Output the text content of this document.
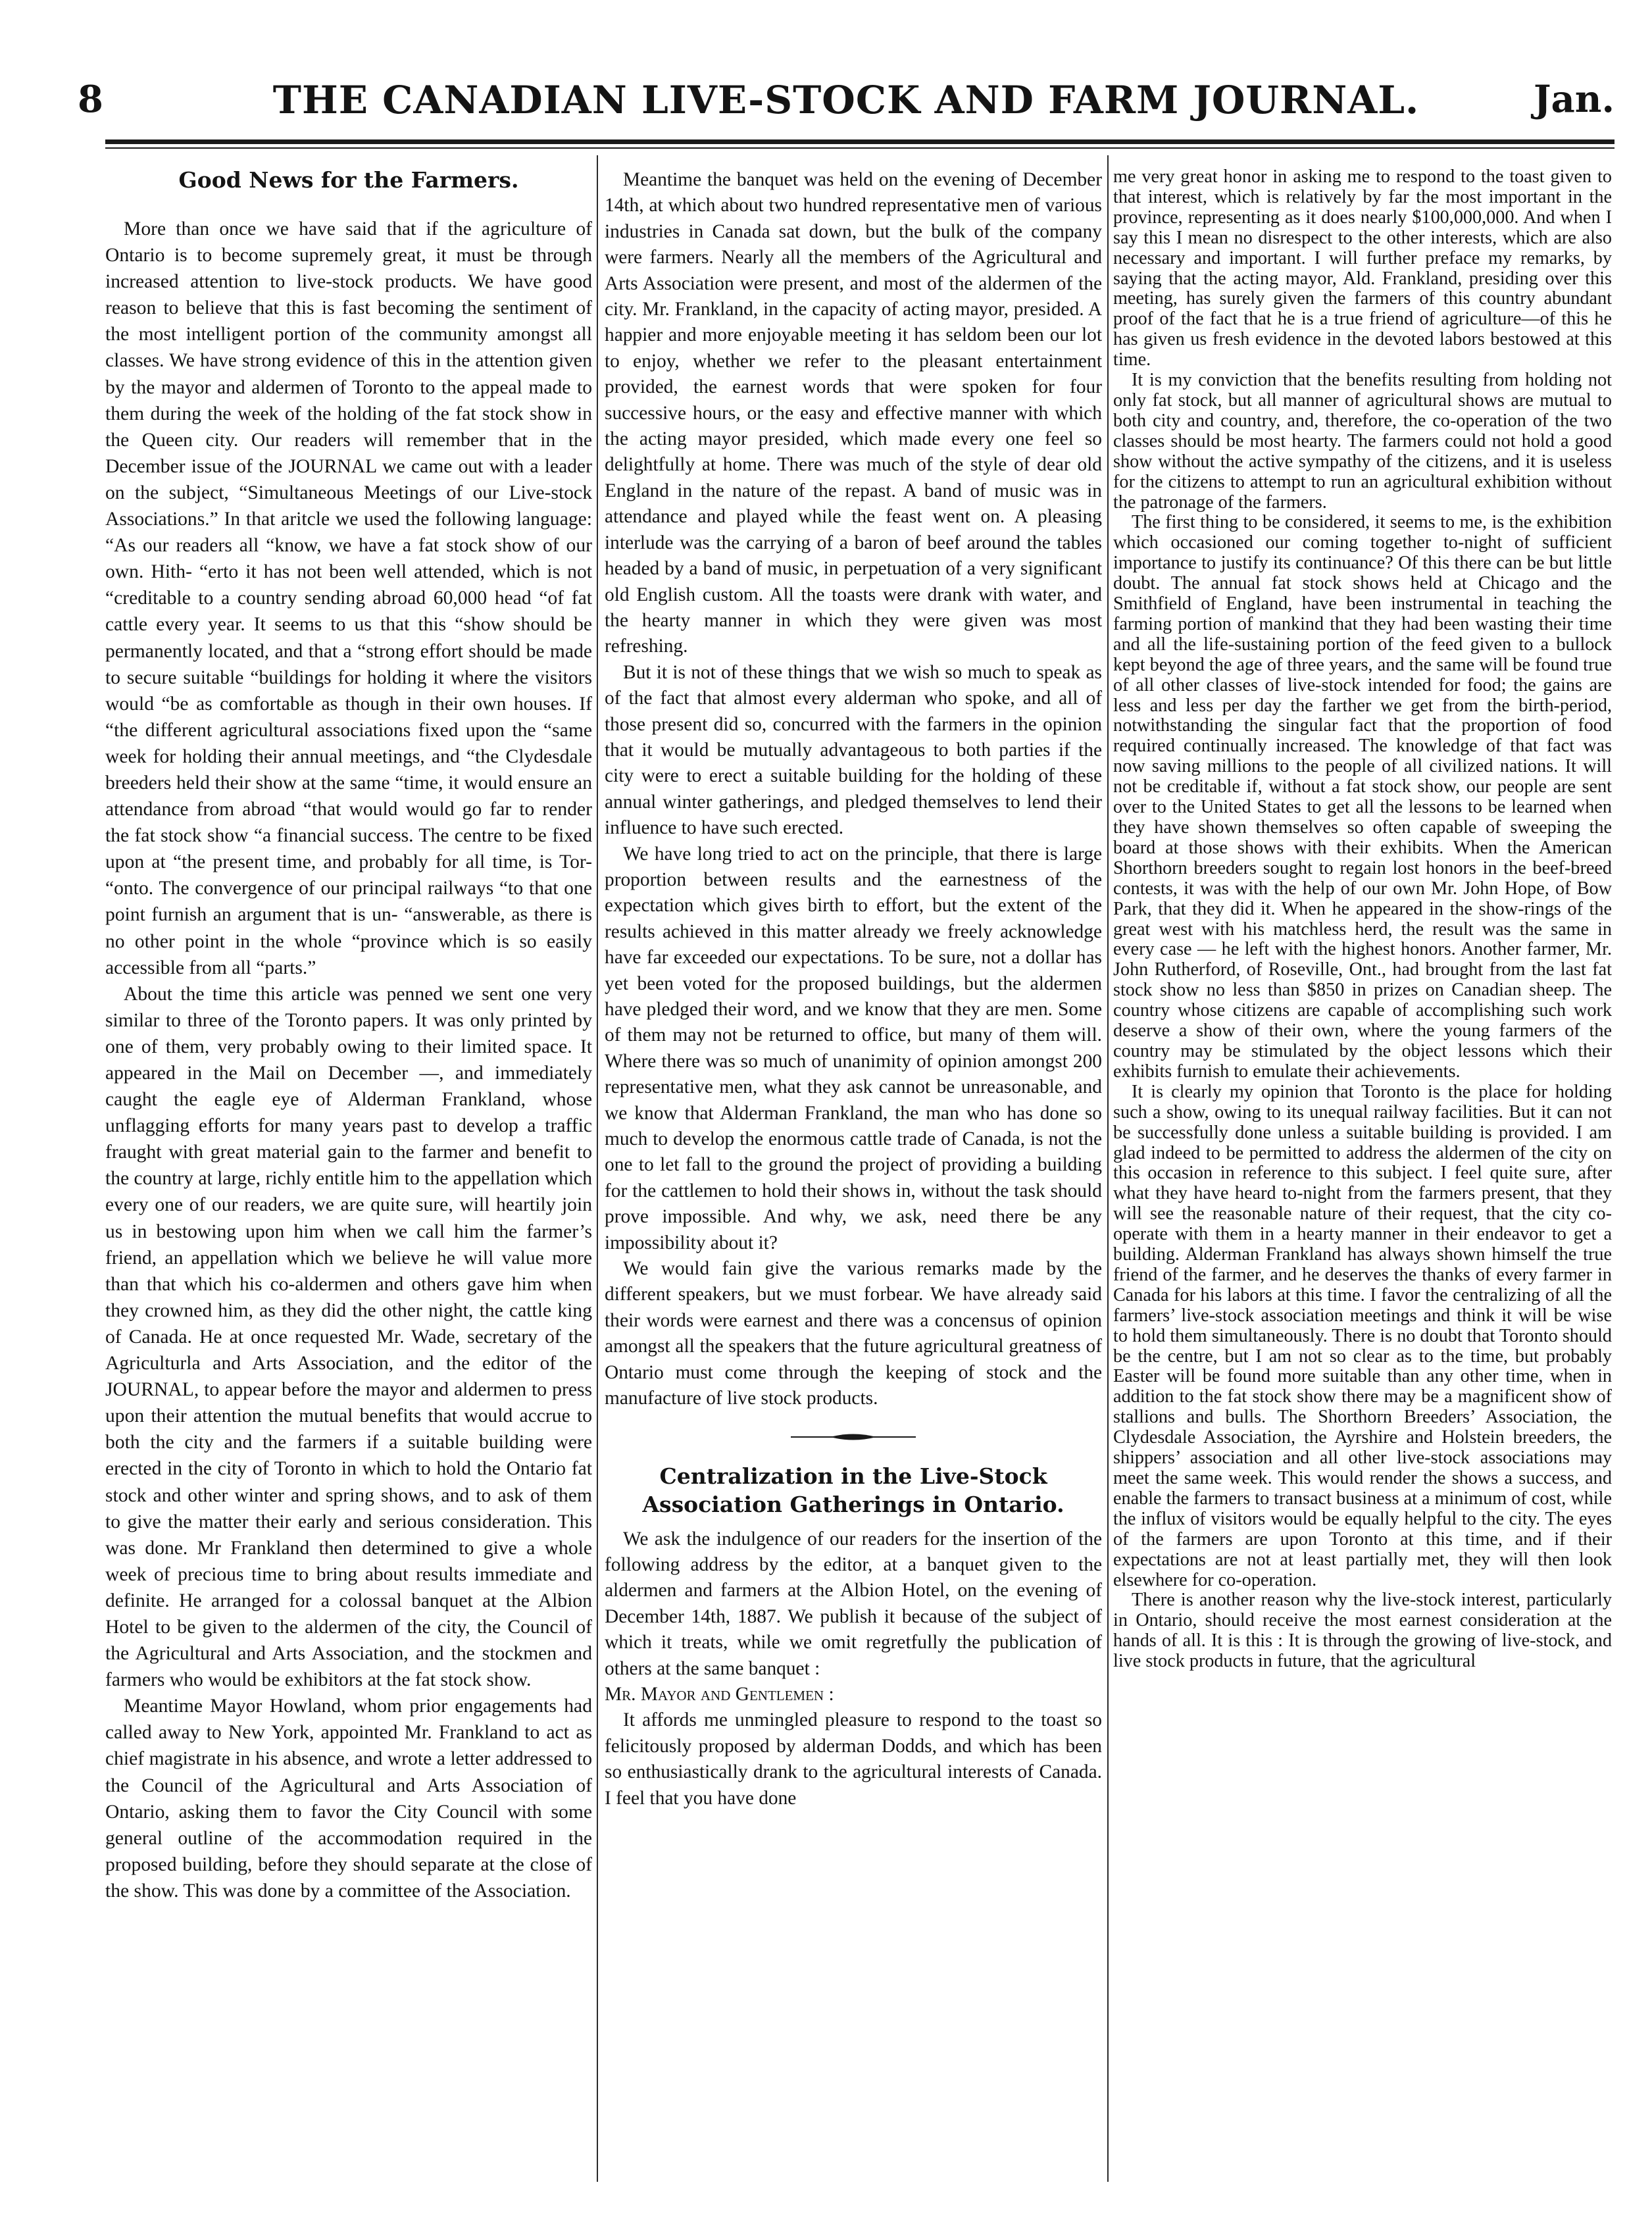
8	THE CANADIAN LIVE-STOCK AND FARM JOURNAL.	Jan.
Good News for the Farmers.

More than once we have said that if the agriculture of Ontario is to become supremely great, it must be through increased attention to live-stock products. We have good reason to believe that this is fast becoming the sentiment of the most intelligent portion of the community amongst all classes. We have strong evidence of this in the attention given by the mayor and aldermen of Toronto to the appeal made to them during the week of the holding of the fat stock show in the Queen city. Our readers will remember that in the December issue of the JOURNAL we came out with a leader on the subject, “Simultaneous Meetings of our Live-stock Associations.” In that aritcle we used the following language: “As our readers all “know, we have a fat stock show of our own. Hith- “erto it has not been well attended, which is not “creditable to a country sending abroad 60,000 head “of fat cattle every year. It seems to us that this “show should be permanently located, and that a “strong effort should be made to secure suitable “buildings for holding it where the visitors would “be as comfortable as though in their own houses. If “the different agricultural associations fixed upon the “same week for holding their annual meetings, and “the Clydesdale breeders held their show at the same “time, it would ensure an attendance from abroad “that would would go far to render the fat stock show “a financial success. The centre to be fixed upon at “the present time, and probably for all time, is Tor- “onto. The convergence of our principal railways “to that one point furnish an argument that is un- “answerable, as there is no other point in the whole “province which is so easily accessible from all “parts.”

About the time this article was penned we sent one very similar to three of the Toronto papers. It was only printed by one of them, very probably owing to their limited space. It appeared in the Mail on December —, and immediately caught the eagle eye of Alderman Frankland, whose unflagging efforts for many years past to develop a traffic fraught with great material gain to the farmer and benefit to the country at large, richly entitle him to the appellation which every one of our readers, we are quite sure, will heartily join us in bestowing upon him when we call him the farmer’s friend, an appellation which we believe he will value more than that which his co-aldermen and others gave him when they crowned him, as they did the other night, the cattle king of Canada. He at once requested Mr. Wade, secretary of the Agriculturla and Arts Association, and the editor of the JOURNAL, to appear before the mayor and aldermen to press upon their attention the mutual benefits that would accrue to both the city and the farmers if a suitable building were erected in the city of Toronto in which to hold the Ontario fat stock and other winter and spring shows, and to ask of them to give the matter their early and serious consideration. This was done. Mr Frankland then determined to give a whole week of precious time to bring about results immediate and definite. He arranged for a colossal banquet at the Albion Hotel to be given to the aldermen of the city, the Council of the Agricultural and Arts Association, and the stockmen and farmers who would be exhibitors at the fat stock show.

Meantime Mayor Howland, whom prior engagements had called away to New York, appointed Mr. Frankland to act as chief magistrate in his absence, and wrote a letter addressed to the Council of the Agricultural and Arts Association of Ontario, asking them to favor the City Council with some general outline of the accommodation required in the proposed building, before they should separate at the close of the show. This was done by a committee of the Association.

Meantime the banquet was held on the evening of December 14th, at which about two hundred representative men of various industries in Canada sat down, but the bulk of the company were farmers. Nearly all the members of the Agricultural and Arts Association were present, and most of the aldermen of the city. Mr. Frankland, in the capacity of acting mayor, presided. A happier and more enjoyable meeting it has seldom been our lot to enjoy, whether we refer to the pleasant entertainment provided, the earnest words that were spoken for four successive hours, or the easy and effective manner with which the acting mayor presided, which made every one feel so delightfully at home. There was much of the style of dear old England in the nature of the repast. A band of music was in attendance and played while the feast went on. A pleasing interlude was the carrying of a baron of beef around the tables headed by a band of music, in perpetuation of a very significant old English custom. All the toasts were drank with water, and the hearty manner in which they were given was most refreshing.

But it is not of these things that we wish so much to speak as of the fact that almost every alderman who spoke, and all of those present did so, concurred with the farmers in the opinion that it would be mutually advantageous to both parties if the city were to erect a suitable building for the holding of these annual winter gatherings, and pledged themselves to lend their influence to have such erected.

We have long tried to act on the principle, that there is large proportion between results and the earnestness of the expectation which gives birth to effort, but the extent of the results achieved in this matter already we freely acknowledge have far exceeded our expectations. To be sure, not a dollar has yet been voted for the proposed buildings, but the aldermen have pledged their word, and we know that they are men. Some of them may not be returned to office, but many of them will. Where there was so much of unanimity of opinion amongst 200 representative men, what they ask cannot be unreasonable, and we know that Alderman Frankland, the man who has done so much to develop the enormous cattle trade of Canada, is not the one to let fall to the ground the project of providing a building for the cattlemen to hold their shows in, without the task should prove impossible. And why, we ask, need there be any impossibility about it?

We would fain give the various remarks made by the different speakers, but we must forbear. We have already said their words were earnest and there was a concensus of opinion amongst all the speakers that the future agricultural greatness of Ontario must come through the keeping of stock and the manufacture of live stock products.

Centralization in the Live-Stock Association Gatherings in Ontario.

We ask the indulgence of our readers for the insertion of the following address by the editor, at a banquet given to the aldermen and farmers at the Albion Hotel, on the evening of December 14th, 1887. We publish it because of the subject of which it treats, while we omit regretfully the publication of others at the same banquet :

Mr. Mayor and Gentlemen :

It affords me unmingled pleasure to respond to the toast so felicitously proposed by alderman Dodds, and which has been so enthusiastically drank to the agricultural interests of Canada. I feel that you have done

me very great honor in asking me to respond to the toast given to that interest, which is relatively by far the most important in the province, representing as it does nearly $100,000,000. And when I say this I mean no disrespect to the other interests, which are also necessary and important. I will further preface my remarks, by saying that the acting mayor, Ald. Frankland, presiding over this meeting, has surely given the farmers of this country abundant proof of the fact that he is a true friend of agriculture—of this he has given us fresh evidence in the devoted labors bestowed at this time.

It is my conviction that the benefits resulting from holding not only fat stock, but all manner of agricultural shows are mutual to both city and country, and, therefore, the co-operation of the two classes should be most hearty. The farmers could not hold a good show without the active sympathy of the citizens, and it is useless for the citizens to attempt to run an agricultural exhibition without the patronage of the farmers.

The first thing to be considered, it seems to me, is the exhibition which occasioned our coming together to-night of sufficient importance to justify its continuance? Of this there can be but little doubt. The annual fat stock shows held at Chicago and the Smithfield of England, have been instrumental in teaching the farming portion of mankind that they had been wasting their time and all the life-sustaining portion of the feed given to a bullock kept beyond the age of three years, and the same will be found true of all other classes of live-stock intended for food; the gains are less and less per day the farther we get from the birth-period, notwithstanding the singular fact that the proportion of food required continually increased. The knowledge of that fact was now saving millions to the people of all civilized nations. It will not be creditable if, without a fat stock show, our people are sent over to the United States to get all the lessons to be learned when they have shown themselves so often capable of sweeping the board at those shows with their exhibits. When the American Shorthorn breeders sought to regain lost honors in the beef-breed contests, it was with the help of our own Mr. John Hope, of Bow Park, that they did it. When he appeared in the show-rings of the great west with his matchless herd, the result was the same in every case — he left with the highest honors. Another farmer, Mr. John Rutherford, of Roseville, Ont., had brought from the last fat stock show no less than $850 in prizes on Canadian sheep. The country whose citizens are capable of accomplishing such work deserve a show of their own, where the young farmers of the country may be stimulated by the object lessons which their exhibits furnish to emulate their achievements.

It is clearly my opinion that Toronto is the place for holding such a show, owing to its unequal railway facilities. But it can not be successfully done unless a suitable building is provided. I am glad indeed to be permitted to address the aldermen of the city on this occasion in reference to this subject. I feel quite sure, after what they have heard to-night from the farmers present, that they will see the reasonable nature of their request, that the city co-operate with them in a hearty manner in their endeavor to get a building. Alderman Frankland has always shown himself the true friend of the farmer, and he deserves the thanks of every farmer in Canada for his labors at this time. I favor the centralizing of all the farmers’ live-stock association meetings and think it will be wise to hold them simultaneously. There is no doubt that Toronto should be the centre, but I am not so clear as to the time, but probably Easter will be found more suitable than any other time, when in addition to the fat stock show there may be a magnificent show of stallions and bulls. The Shorthorn Breeders’ Association, the Clydesdale Association, the Ayrshire and Holstein breeders, the shippers’ association and all other live-stock associations may meet the same week. This would render the shows a success, and enable the farmers to transact business at a minimum of cost, while the influx of visitors would be equally helpful to the city. The eyes of the farmers are upon Toronto at this time, and if their expectations are not at least partially met, they will then look elsewhere for co-operation.

There is another reason why the live-stock interest, particularly in Ontario, should receive the most earnest consideration at the hands of all. It is this : It is through the growing of live-stock, and live stock products in future, that the agricultural
